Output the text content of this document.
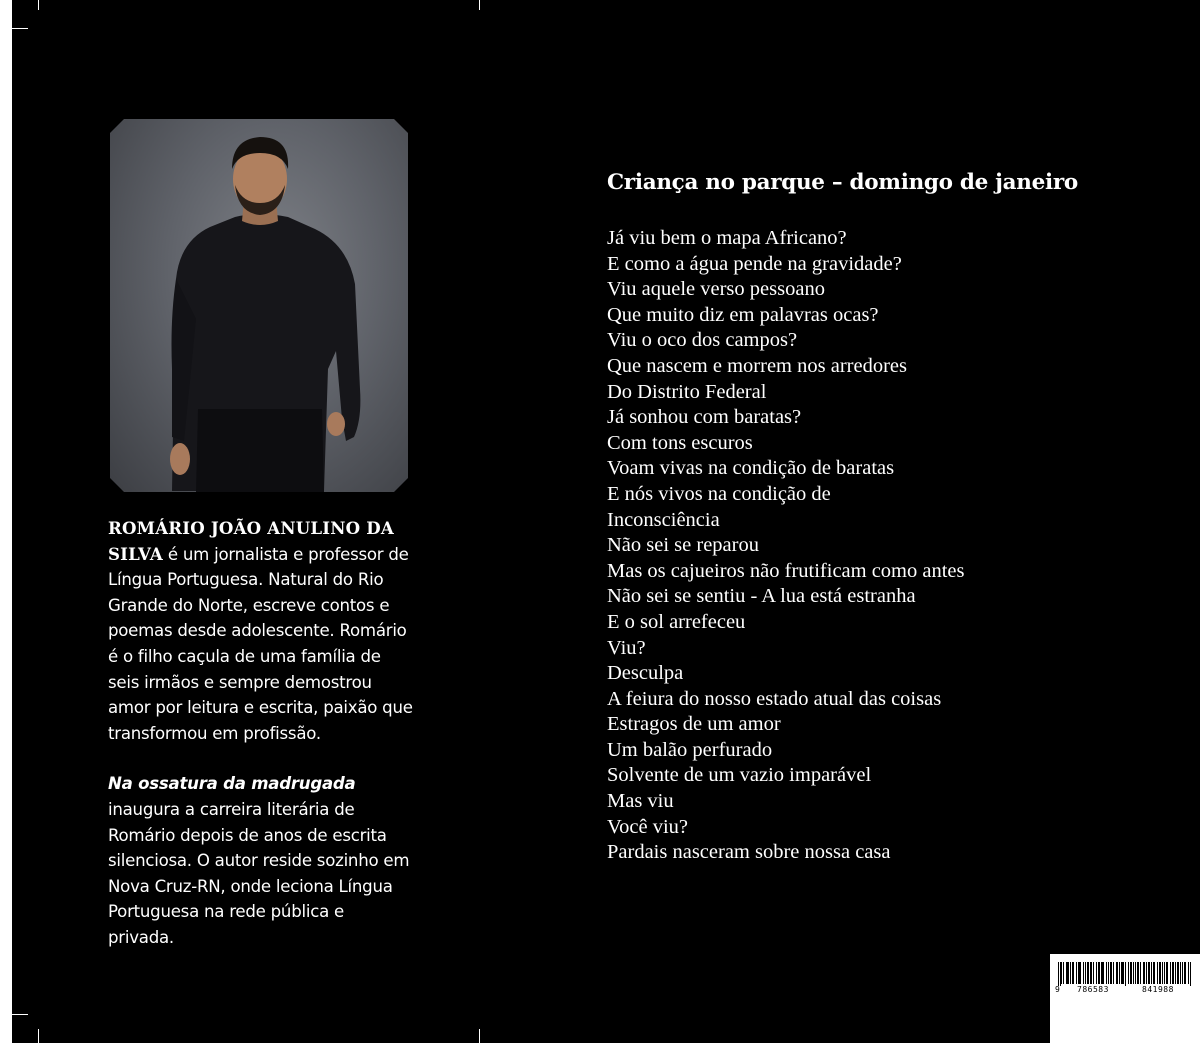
ROMÁRIO JOÃO ANULINO DA SILVA é um jornalista e professor de Língua Portuguesa. Natural do Rio Grande do Norte, escreve contos e poemas desde adolescente. Romário é o filho caçula de uma família de seis irmãos e sempre demostrou amor por leitura e escrita, paixão que transformou em profissão.

Na ossatura da madrugada inaugura a carreira literária de Romário depois de anos de escrita silenciosa. O autor reside sozinho em Nova Cruz-RN, onde leciona Língua Portuguesa na rede pública e privada.

Criança no parque – domingo de janeiro
Já viu bem o mapa Africano?
E como a água pende na gravidade?
Viu aquele verso pessoano
Que muito diz em palavras ocas?
Viu o oco dos campos?
Que nascem e morrem nos arredores
Do Distrito Federal
Já sonhou com baratas?
Com tons escuros
Voam vivas na condição de baratas
E nós vivos na condição de
Inconsciência
Não sei se reparou
Mas os cajueiros não frutificam como antes
Não sei se sentiu - A lua está estranha
E o sol arrefeceu
Viu?
Desculpa
A feiura do nosso estado atual das coisas
Estragos de um amor
Um balão perfurado
Solvente de um vazio imparável
Mas viu
Você viu?
Pardais nasceram sobre nossa casa
9 786583	841988
